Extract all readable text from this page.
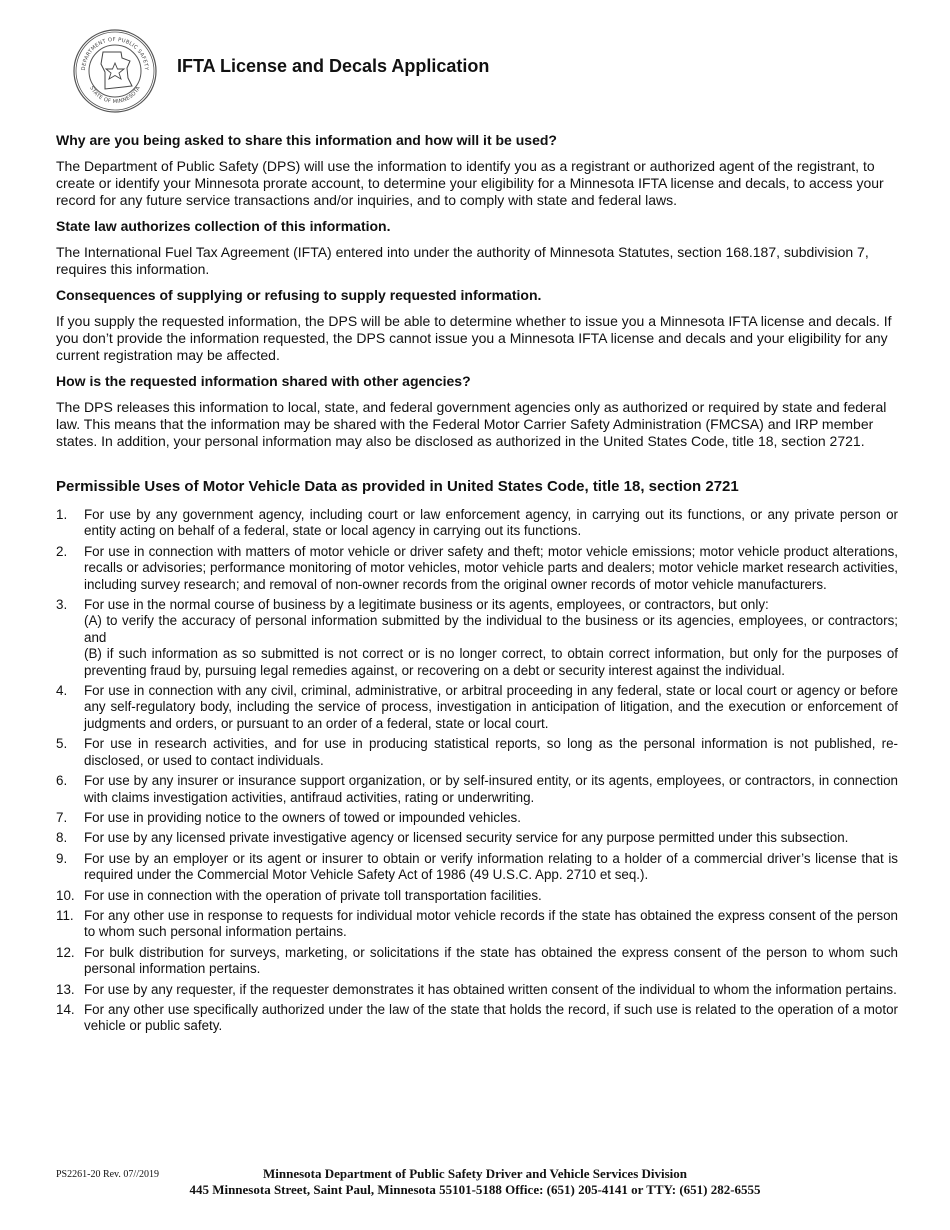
DEPARTMENT OF PUBLIC SAFETY
STATE OF MINNESOTA
IFTA License and Decals Application

Why are you being asked to share this information and how will it be used?

The Department of Public Safety (DPS) will use the information to identify you as a registrant or authorized agent of the registrant, to create or identify your Minnesota prorate account, to determine your eligibility for a Minnesota IFTA license and decals, to access your record for any future service transactions and/or inquiries, and to comply with state and federal laws.

State law authorizes collection of this information.

The International Fuel Tax Agreement (IFTA) entered into under the authority of Minnesota Statutes, section 168.187, subdivision 7, requires this information.

Consequences of supplying or refusing to supply requested information.

If you supply the requested information, the DPS will be able to determine whether to issue you a Minnesota IFTA license and decals. If you don’t provide the information requested, the DPS cannot issue you a Minnesota IFTA license and decals and your eligibility for any current registration may be affected.

How is the requested information shared with other agencies?

The DPS releases this information to local, state, and federal government agencies only as authorized or required by state and federal law. This means that the information may be shared with the Federal Motor Carrier Safety Administration (FMCSA) and IRP member states. In addition, your personal information may also be disclosed as authorized in the United States Code, title 18, section 2721.

Permissible Uses of Motor Vehicle Data as provided in United States Code, title 18, section 2721
1.	For use by any government agency, including court or law enforcement agency, in carrying out its functions, or any private person or entity acting on behalf of a federal, state or local agency in carrying out its functions.
2.	For use in connection with matters of motor vehicle or driver safety and theft; motor vehicle emissions; motor vehicle product alterations, recalls or advisories; performance monitoring of motor vehicles, motor vehicle parts and dealers; motor vehicle market research activities, including survey research; and removal of non-owner records from the original owner records of motor vehicle manufacturers.
3.	For use in the normal course of business by a legitimate business or its agents, employees, or contractors, but only:
(A) to verify the accuracy of personal information submitted by the individual to the business or its agencies, employees, or contractors; and
(B) if such information as so submitted is not correct or is no longer correct, to obtain correct information, but only for the purposes of preventing fraud by, pursuing legal remedies against, or recovering on a debt or security interest against the individual.
4.	For use in connection with any civil, criminal, administrative, or arbitral proceeding in any federal, state or local court or agency or before any self-regulatory body, including the service of process, investigation in anticipation of litigation, and the execution or enforcement of judgments and orders, or pursuant to an order of a federal, state or local court.
5.	For use in research activities, and for use in producing statistical reports, so long as the personal information is not published, re-disclosed, or used to contact individuals.
6.	For use by any insurer or insurance support organization, or by self-insured entity, or its agents, employees, or contractors, in connection with claims investigation activities, antifraud activities, rating or underwriting.
7.	For use in providing notice to the owners of towed or impounded vehicles.
8.	For use by any licensed private investigative agency or licensed security service for any purpose permitted under this subsection.
9.	For use by an employer or its agent or insurer to obtain or verify information relating to a holder of a commercial driver’s license that is required under the Commercial Motor Vehicle Safety Act of 1986 (49 U.S.C. App. 2710 et seq.).
10. For use in connection with the operation of private toll transportation facilities.
11. For any other use in response to requests for individual motor vehicle records if the state has obtained the express consent of the person to whom such personal information pertains.
12. For bulk distribution for surveys, marketing, or solicitations if the state has obtained the express consent of the person to whom such personal information pertains.
13. For use by any requester, if the requester demonstrates it has obtained written consent of the individual to whom the information pertains.
14. For any other use specifically authorized under the law of the state that holds the record, if such use is related to the operation of a motor vehicle or public safety.
PS2261-20 Rev. 07//2019	Minnesota Department of Public Safety Driver and Vehicle Services Division
445 Minnesota Street, Saint Paul, Minnesota 55101-5188 Office: (651) 205-4141 or TTY: (651) 282-6555
